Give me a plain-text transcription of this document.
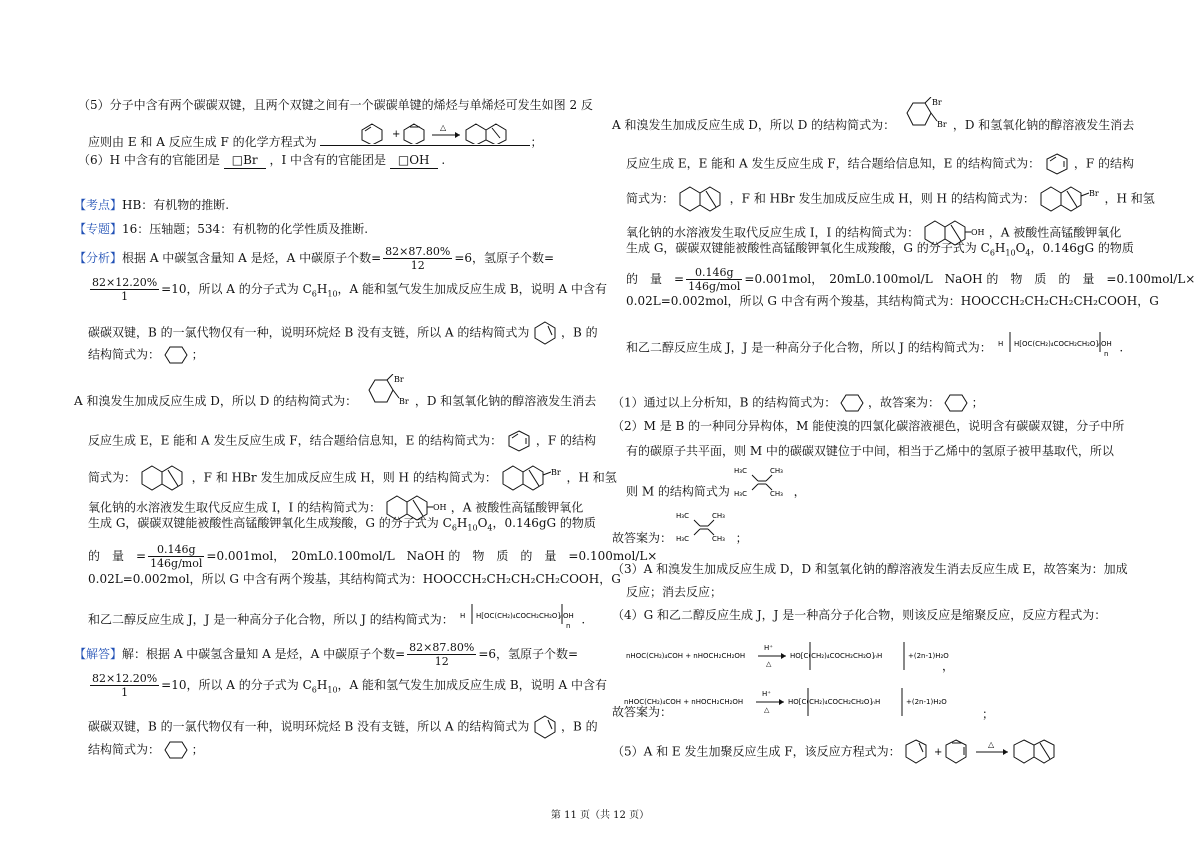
（5）分子中含有两个碳碳双键，且两个双键之间有一个碳碳单键的烯烃与单烯烃可发生如图 2 反
应则由 E 和 A 反应生成 F 的化学方程式为
+
△
；
（6）H 中含有的官能团是 □Br ，I 中含有的官能团是 □OH .
【考点】HB：有机物的推断.
【专题】16：压轴题；534：有机物的化学性质及推断.
【分析】根据 A 中碳氢含量知 A 是烃，A 中碳原子个数= $\frac{82\times 87.80\%}{12} =6$，氢原子个数=
$\frac{82\times 12.20\%}{1} =10$，所以 A 的分子式为 $C_6H_{10}$，A 能和氢气发生加成反应生成 B，说明 A 中含有
碳碳双键，B 的一氯代物仅有一种，说明环烷烃 B 没有支链，所以 A 的结构简式为	，B 的
结构简式为：	；
A 和溴发生加成反应生成 D，所以 D 的结构简式为：
Br
Br ，D 和氢氧化钠的醇溶液发生消去
反应生成 E，E 能和 A 发生反应生成 F，结合题给信息知，E 的结构简式为：	，F 的结构
简式为：	，F 和 HBr 发生加成反应生成 H，则 H 的结构简式为：	Br ，H 和氢
氧化钠的水溶液发生取代反应生成 I，I 的结构简式为：	OH ，A 被酸性高锰酸钾氧化
生成 G，碳碳双键能被酸性高锰酸钾氧化生成羧酸，G 的分子式为 $C_6H_{10}O_4$，0.146gG 的物质
的　量　= $\frac{0.146g}{\text{146g/mol}} =0.001mol$，　20mL0.100mol/L　NaOH 的　物　质　的　量　=0.100mol/L×
0.02L=0.002mol，所以 G 中含有两个羧基，其结构简式为：HOOCCH₂CH₂CH₂CH₂COOH，G
和乙二醇反应生成 J，J 是一种高分子化合物，所以 J 的结构简式为： H H[OC(CH₂)₄COCH₂CH₂O]ₙOH
n .
【解答】解：根据 A 中碳氢含量知 A 是烃，A 中碳原子个数= $\frac{82\times 87.80\%}{12} =6$，氢原子个数=
$\frac{82\times 12.20\%}{1} =10$，所以 A 的分子式为 $C_6H_{10}$，A 能和氢气发生加成反应生成 B，说明 A 中含有
碳碳双键，B 的一氯代物仅有一种，说明环烷烃 B 没有支链，所以 A 的结构简式为	，B 的
结构简式为：	；
A 和溴发生加成反应生成 D，所以 D 的结构简式为：
Br
Br ，D 和氢氧化钠的醇溶液发生消去
反应生成 E，E 能和 A 发生反应生成 F，结合题给信息知，E 的结构简式为：	，F 的结构
简式为：	，F 和 HBr 发生加成反应生成 H，则 H 的结构简式为：	Br ，H 和氢
氧化钠的水溶液发生取代反应生成 I，I 的结构简式为：	OH ，A 被酸性高锰酸钾氧化
生成 G，碳碳双键能被酸性高锰酸钾氧化生成羧酸，G 的分子式为 $C_6H_{10}O_4$，0.146gG 的物质
的　量　= $\frac{0.146g}{\text{146g/mol}} =0.001mol$，　20mL0.100mol/L　NaOH 的　物　质　的　量　=0.100mol/L×
0.02L=0.002mol，所以 G 中含有两个羧基，其结构简式为：HOOCCH₂CH₂CH₂CH₂COOH，G
和乙二醇反应生成 J，J 是一种高分子化合物，所以 J 的结构简式为： H H[OC(CH₂)₄COCH₂CH₂O]ₙOH
n .
（1）通过以上分析知，B 的结构简式为：	，故答案为：	；
（2）M 是 B 的一种同分异构体，M 能使溴的四氯化碳溶液褪色，说明含有碳碳双键，分子中所
有的碳原子共平面，则 M 中的碳碳双键位于中间，相当于乙烯中的氢原子被甲基取代，所以
则 M 的结构简式为
H₃C	CH₃
H₃C	CH₃ ，
故答案为：
H₃C	CH₃
H₃C	CH₃ ；
（3）A 和溴发生加成反应生成 D，D 和氢氧化钠的醇溶液发生消去反应生成 E，故答案为：加成
反应；消去反应；
（4）G 和乙二醇反应生成 J，J 是一种高分子化合物，则该反应是缩聚反应，反应方程式为：
nHOC(CH₂)₄COH + nHOCH₂CH₂OH
H⁺
△
HO[C(CH₂)₄COCH₂CH₂O]ₙH	+(2n-1)H₂O
，
故答案为：
nHOC(CH₂)₄COH + nHOCH₂CH₂OH
H⁺
△
HO[C(CH₂)₄COCH₂CH₂O]ₙH	+(2n-1)H₂O
；
（5）A 和 E 发生加聚反应生成 F，该反应方程式为：	+
△
第 11 页（共 12 页）
